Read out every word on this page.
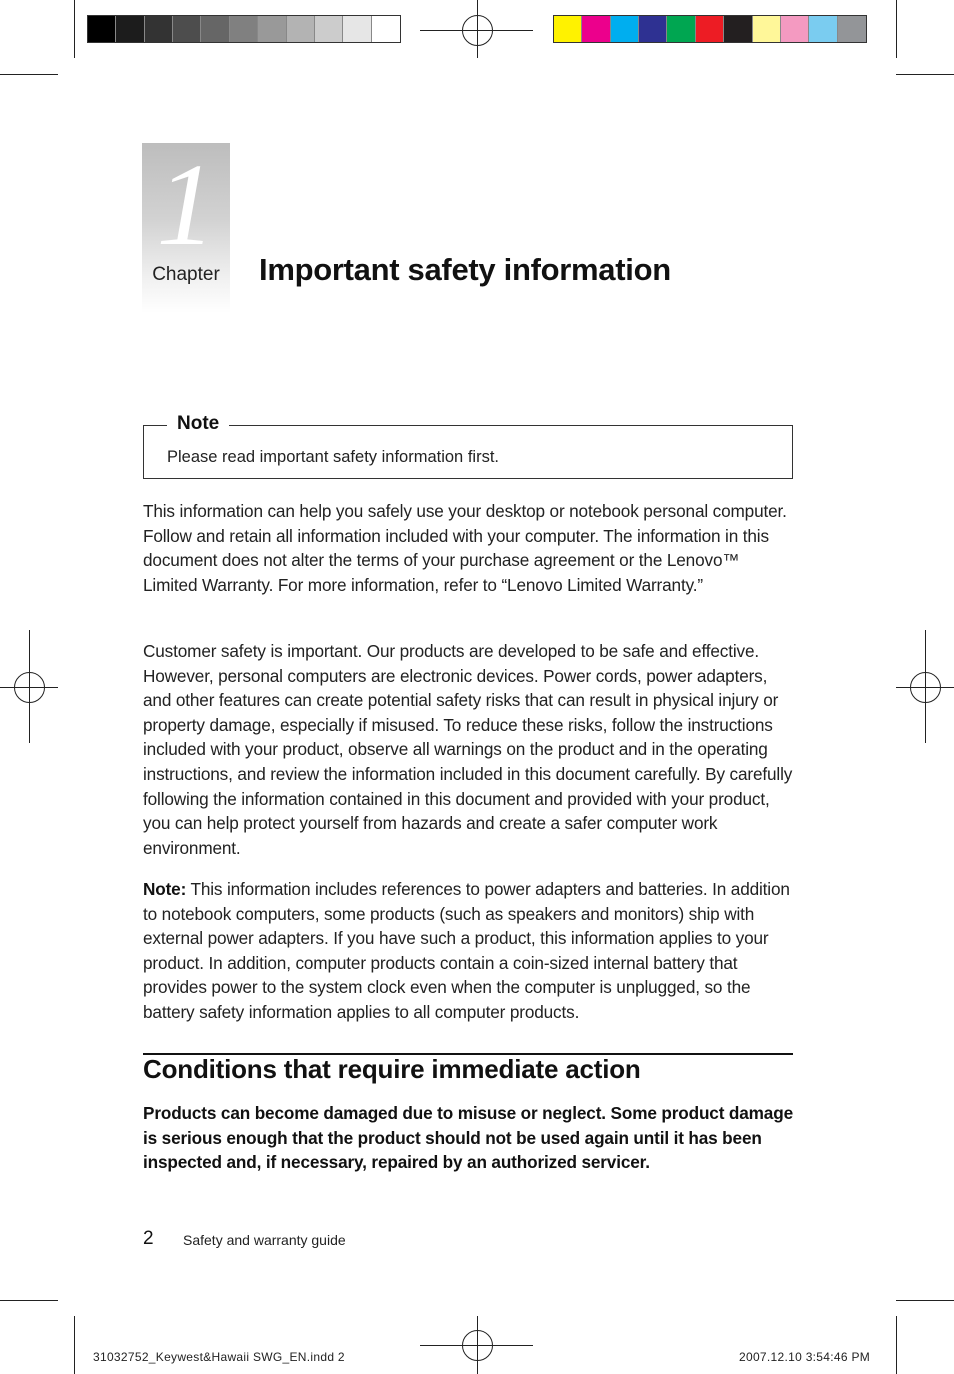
1
Chapter	Important safety information
Note
Please read important safety information first.

This information can help you safely use your desktop or notebook personal computer. Follow and retain all information included with your computer. The information in this document does not alter the terms of your purchase agreement or the Lenovo™ Limited Warranty. For more information, refer to “Lenovo Limited Warranty.”

Customer safety is important. Our products are developed to be safe and effective. However, personal computers are electronic devices. Power cords, power adapters, and other features can create potential safety risks that can result in physical injury or property damage, especially if misused. To reduce these risks, follow the instructions included with your product, observe all warnings on the product and in the operating instructions, and review the information included in this document carefully. By carefully following the information contained in this document and provided with your product, you can help protect yourself from hazards and create a safer computer work environment.

Note: This information includes references to power adapters and batteries. In addition to notebook computers, some products (such as speakers and monitors) ship with external power adapters. If you have such a product, this information applies to your product. In addition, computer products contain a coin-sized internal battery that provides power to the system clock even when the computer is unplugged, so the battery safety information applies to all computer products.

Conditions that require immediate action

Products can become damaged due to misuse or neglect. Some product damage is serious enough that the product should not be used again until it has been inspected and, if necessary, repaired by an authorized servicer.

2 Safety and warranty guide
31032752_Keywest&Hawaii SWG_EN.indd 2	2007.12.10 3:54:46 PM
